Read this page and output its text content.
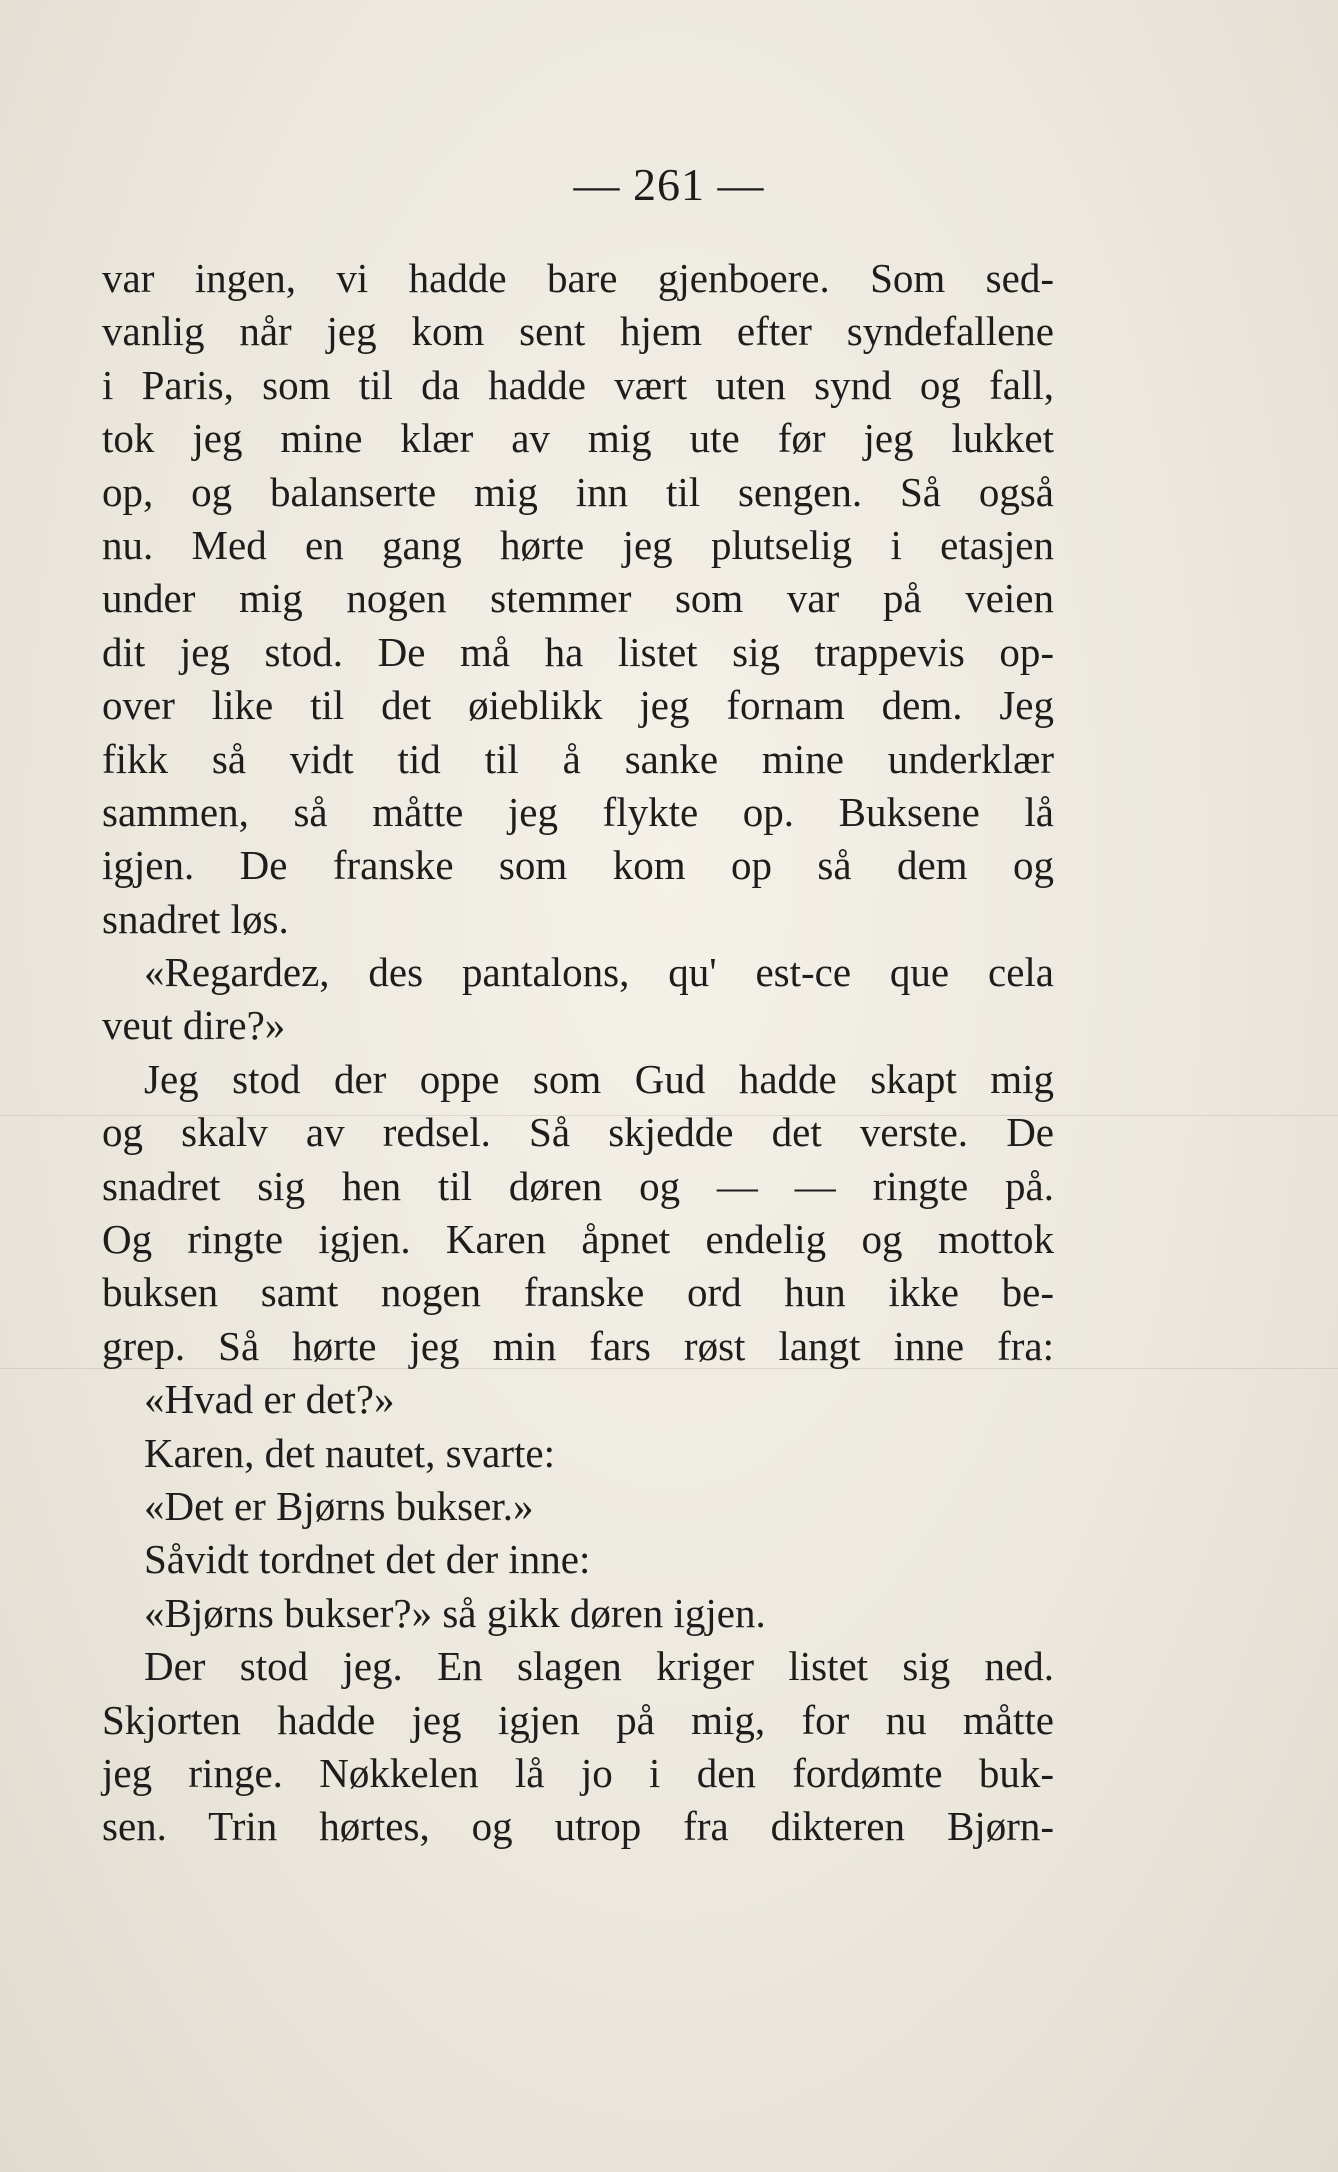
— 261 —
var ingen, vi hadde bare gjenboere. Som sed‑
vanlig når jeg kom sent hjem efter syndefallene
i Paris, som til da hadde vært uten synd og fall,
tok jeg mine klær av mig ute før jeg lukket
op, og balanserte mig inn til sengen. Så også
nu. Med en gang hørte jeg plutselig i etasjen
under mig nogen stemmer som var på veien
dit jeg stod. De må ha listet sig trappevis op‑
over like til det øieblikk jeg fornam dem. Jeg
fikk så vidt tid til å sanke mine underklær
sammen, så måtte jeg flykte op. Buksene lå
igjen. De franske som kom op så dem og
snadret løs.
«Regardez, des pantalons, qu' est‑ce que cela
veut dire?»
Jeg stod der oppe som Gud hadde skapt mig
og skalv av redsel. Så skjedde det verste. De
snadret sig hen til døren og — — ringte på.
Og ringte igjen. Karen åpnet endelig og mottok
buksen samt nogen franske ord hun ikke be‑
grep. Så hørte jeg min fars røst langt inne fra:
«Hvad er det?»
Karen, det nautet, svarte:
«Det er Bjørns bukser.»
Såvidt tordnet det der inne:
«Bjørns bukser?» så gikk døren igjen.
Der stod jeg. En slagen kriger listet sig ned.
Skjorten hadde jeg igjen på mig, for nu måtte
jeg ringe. Nøkkelen lå jo i den fordømte buk‑
sen. Trin hørtes, og utrop fra dikteren Bjørn‑
